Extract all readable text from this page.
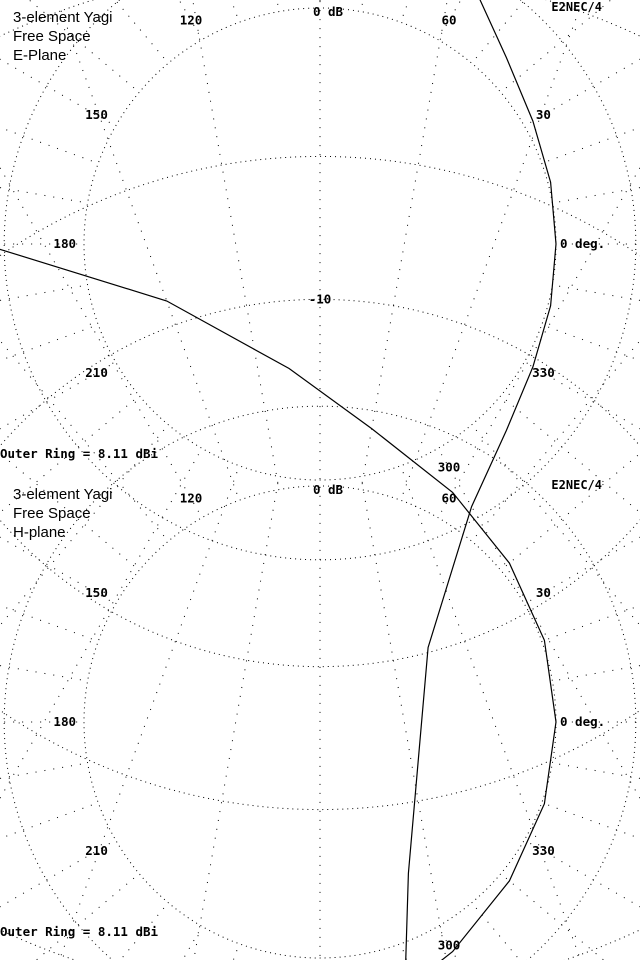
3-element Yagi
Free Space
E-Plane
E2NEC/4
Outer Ring = 8.11 dBi
0 deg.
30
60
120
150
180
210
300
330
0 dB
3-element Yagi
Free Space
H-plane
E2NEC/4
Outer Ring = 8.11 dBi
0 deg.
30
60
120
150
180
210
300
330
0 dB
-10
